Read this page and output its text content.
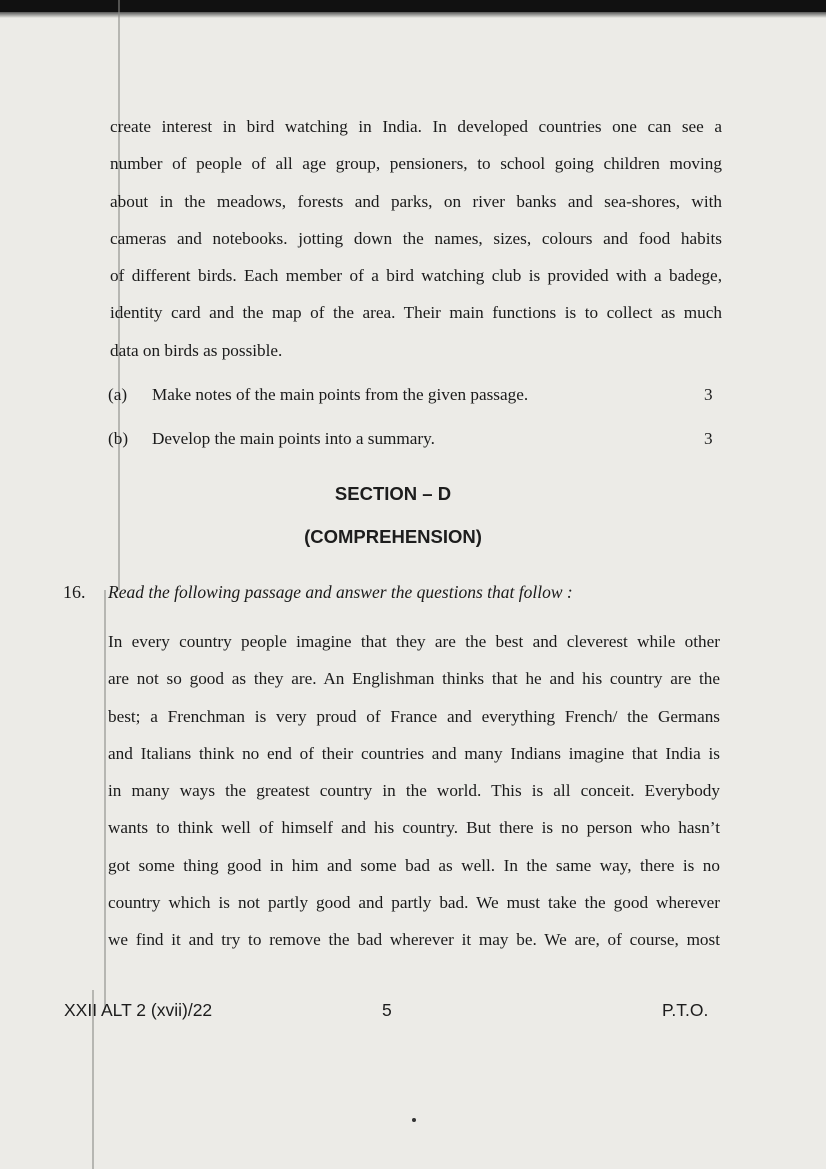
create interest in bird watching in India. In developed countries one can see a
number of people of all age group, pensioners, to school going children moving
about in the meadows, forests and parks, on river banks and sea-shores, with
cameras and notebooks. jotting down the names, sizes, colours and food habits
of different birds. Each member of a bird watching club is provided with a badege,
identity card and the map of the area. Their main functions is to collect as much
data on birds as possible.
(a) Make notes of the main points from the given passage.	3
(b) Develop the main points into a summary.	3
SECTION – D
(COMPREHENSION)
16. Read the following passage and answer the questions that follow :
In every country people imagine that they are the best and cleverest while other
are not so good as they are. An Englishman thinks that he and his country are the
best; a Frenchman is very proud of France and everything French/ the Germans
and Italians think no end of their countries and many Indians imagine that India is
in many ways the greatest country in the world. This is all conceit. Everybody
wants to think well of himself and his country. But there is no person who hasn’t
got some thing good in him and some bad as well. In the same way, there is no
country which is not partly good and partly bad. We must take the good wherever
we find it and try to remove the bad wherever it may be. We are, of course, most
XXII ALT 2 (xvii)/22	5	P.T.O.
